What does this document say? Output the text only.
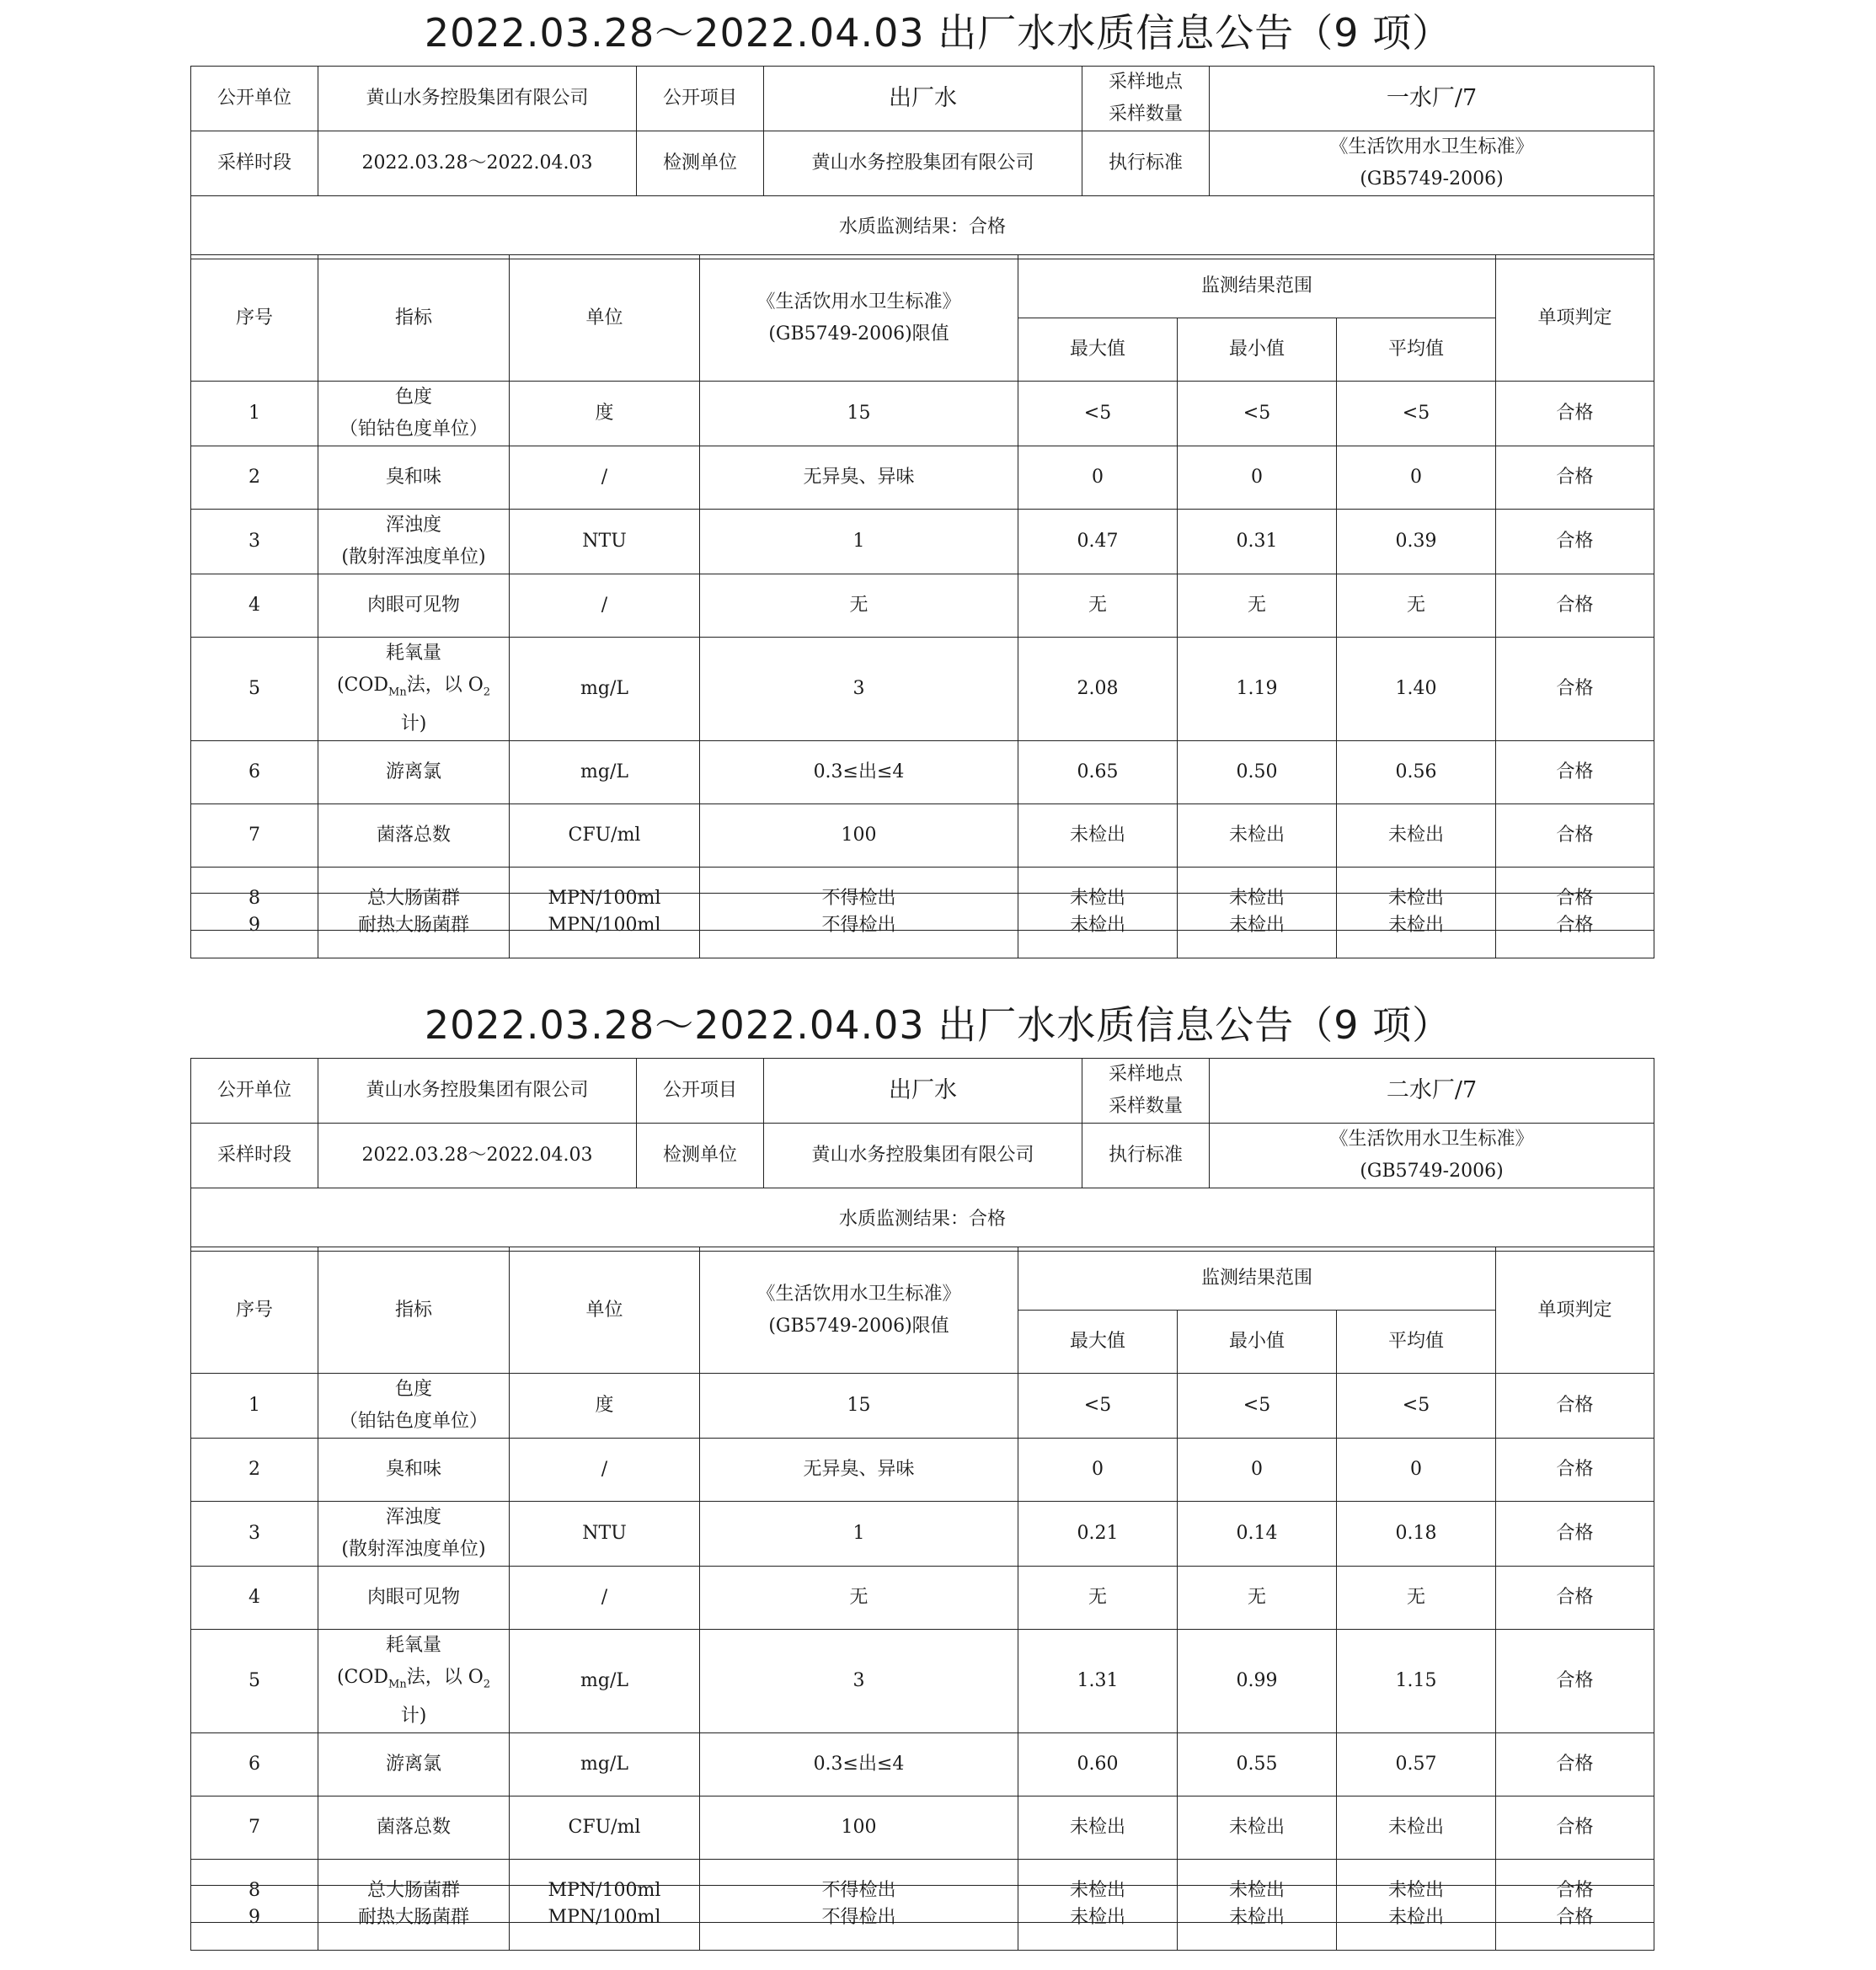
2022.03.28～2022.04.03 出厂水水质信息公告（9 项）
公开单位	黄山水务控股集团有限公司	公开项目	出厂水	采样地点
采样数量	一水厂/7
采样时段	2022.03.28～2022.04.03	检测单位	黄山水务控股集团有限公司	执行标准	《生活饮用水卫生标准》
(GB5749-2006)

水质监测结果：合格					
序号	指标	单位	《生活饮用水卫生标准》
(GB5749-2006)限值	监测结果范围			单项判定
				最大值	最小值	平均值	
1	色度
（铂钴色度单位）	度	15	<5	<5	<5	合格
2	臭和味	/	无异臭、异味	0	0	0	合格
3	浑浊度
(散射浑浊度单位)	NTU	1	0.47	0.31	0.39	合格
4	肉眼可见物	/	无	无	无	无	合格
5	耗氧量
($COD_{Mn}$法，以 $O_2$ 计)	mg/L	3	2.08	1.19	1.40	合格
6	游离氯	mg/L	0.3≤出≤4	0.65	0.50	0.56	合格
7	菌落总数	CFU/ml	100	未检出	未检出	未检出	合格
8	总大肠菌群	MPN/100ml	不得检出	未检出	未检出	未检出	合格
9	耐热大肠菌群	MPN/100ml	不得检出	未检出	未检出	未检出	合格
2022.03.28～2022.04.03 出厂水水质信息公告（9 项）
公开单位	黄山水务控股集团有限公司	公开项目	出厂水	采样地点
采样数量	二水厂/7
采样时段	2022.03.28～2022.04.03	检测单位	黄山水务控股集团有限公司	执行标准	《生活饮用水卫生标准》
(GB5749-2006)

水质监测结果：合格					
序号	指标	单位	《生活饮用水卫生标准》
(GB5749-2006)限值	监测结果范围			单项判定
				最大值	最小值	平均值	
1	色度
（铂钴色度单位）	度	15	<5	<5	<5	合格
2	臭和味	/	无异臭、异味	0	0	0	合格
3	浑浊度
(散射浑浊度单位)	NTU	1	0.21	0.14	0.18	合格
4	肉眼可见物	/	无	无	无	无	合格
5	耗氧量
($COD_{Mn}$法，以 $O_2$ 计)	mg/L	3	1.31	0.99	1.15	合格
6	游离氯	mg/L	0.3≤出≤4	0.60	0.55	0.57	合格
7	菌落总数	CFU/ml	100	未检出	未检出	未检出	合格
8	总大肠菌群	MPN/100ml	不得检出	未检出	未检出	未检出	合格
9	耐热大肠菌群	MPN/100ml	不得检出	未检出	未检出	未检出	合格
